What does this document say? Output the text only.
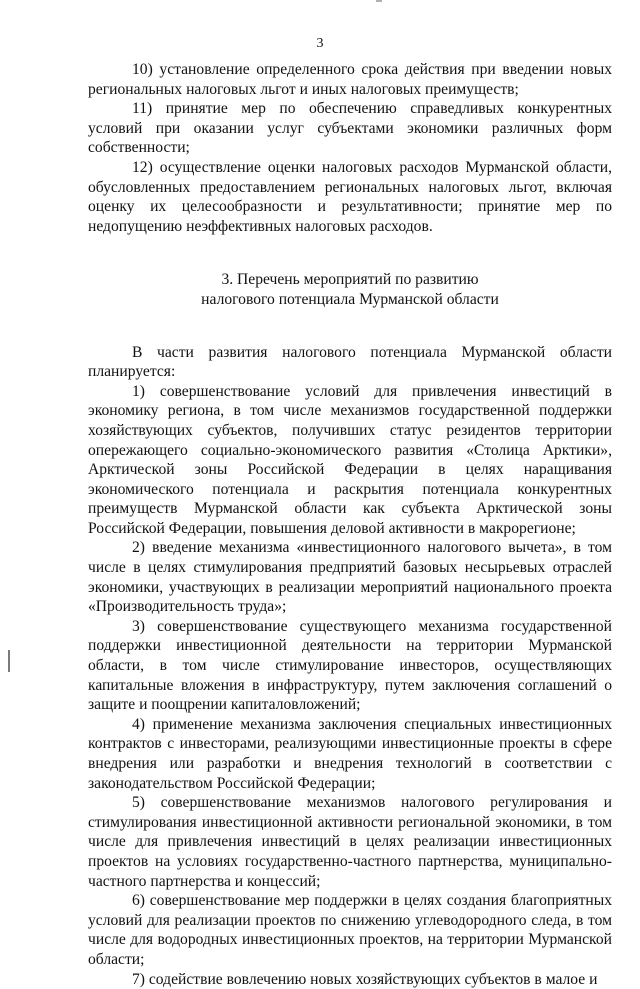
3

10) установление определенного срока действия при введении новых региональных налоговых льгот и иных налоговых преимуществ;

11) принятие мер по обеспечению справедливых конкурентных условий при оказании услуг субъектами экономики различных форм собственности;

12) осуществление оценки налоговых расходов Мурманской области, обусловленных предоставлением региональных налоговых льгот, включая оценку их целесообразности и результативности; принятие мер по недопущению неэффективных налоговых расходов.

3. Перечень мероприятий по развитию
налогового потенциала Мурманской области

В части развития налогового потенциала Мурманской области планируется:

1) совершенствование условий для привлечения инвестиций в экономику региона, в том числе механизмов государственной поддержки хозяйствующих субъектов, получивших статус резидентов территории опережающего социально-экономического развития «Столица Арктики», Арктической зоны Российской Федерации в целях наращивания экономического потенциала и раскрытия потенциала конкурентных преимуществ Мурманской области как субъекта Арктической зоны Российской Федерации, повышения деловой активности в макрорегионе;

2) введение механизма «инвестиционного налогового вычета», в том числе в целях стимулирования предприятий базовых несырьевых отраслей экономики, участвующих в реализации мероприятий национального проекта «Производительность труда»;

3) совершенствование существующего механизма государственной поддержки инвестиционной деятельности на территории Мурманской области, в том числе стимулирование инвесторов, осуществляющих капитальные вложения в инфраструктуру, путем заключения соглашений о защите и поощрении капиталовложений;

4) применение механизма заключения специальных инвестиционных контрактов с инвесторами, реализующими инвестиционные проекты в сфере внедрения или разработки и внедрения технологий в соответствии с законодательством Российской Федерации;

5) совершенствование механизмов налогового регулирования и стимулирования инвестиционной активности региональной экономики, в том числе для привлечения инвестиций в целях реализации инвестиционных проектов на условиях государственно-частного партнерства, муниципально-частного партнерства и концессий;

6) совершенствование мер поддержки в целях создания благоприятных условий для реализации проектов по снижению углеводородного следа, в том числе для водородных инвестиционных проектов, на территории Мурманской области;

7) содействие вовлечению новых хозяйствующих субъектов в малое и
